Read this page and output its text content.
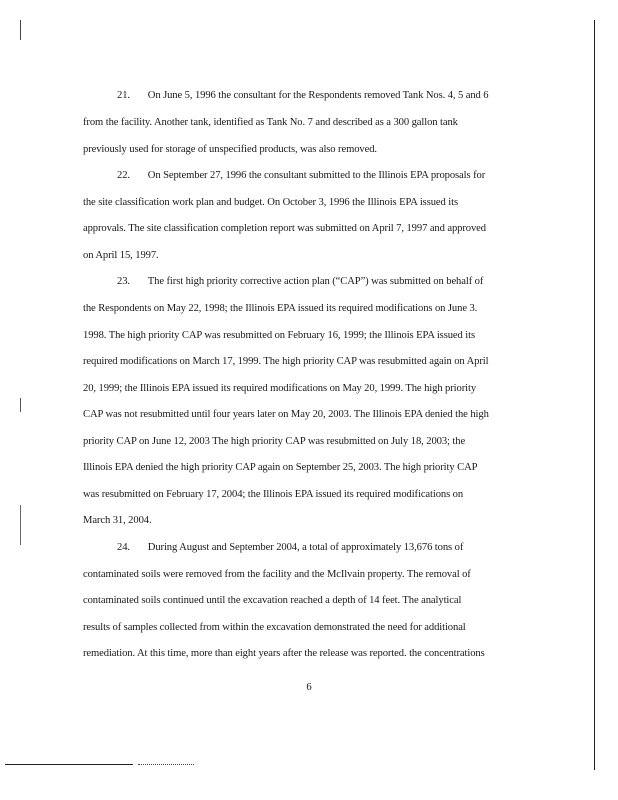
21.       On June 5, 1996 the consultant for the Respondents removed Tank Nos. 4, 5 and 6
from the facility. Another tank, identified as Tank No. 7 and described as a 300 gallon tank
previously used for storage of unspecified products, was also removed.
22.       On September 27, 1996 the consultant submitted to the Illinois EPA proposals for
the site classification work plan and budget. On October 3, 1996 the Illinois EPA issued its
approvals. The site classification completion report was submitted on April 7, 1997 and approved
on April 15, 1997.
23.       The first high priority corrective action plan (“CAP”) was submitted on behalf of
the Respondents on May 22, 1998; the Illinois EPA issued its required modifications on June 3.
1998. The high priority CAP was resubmitted on February 16, 1999; the Illinois EPA issued its
required modifications on March 17, 1999. The high priority CAP was resubmitted again on April
20, 1999; the Illinois EPA issued its required modifications on May 20, 1999. The high priority
CAP was not resubmitted until four years later on May 20, 2003. The Illinois EPA denied the high
priority CAP on June 12, 2003 The high priority CAP was resubmitted on July 18, 2003; the
Illinois EPA denied the high priority CAP again on September 25, 2003. The high priority CAP
was resubmitted on February 17, 2004; the Illinois EPA issued its required modifications on
March 31, 2004.
24.       During August and September 2004, a total of approximately 13,676 tons of
contaminated soils were removed from the facility and the McIlvain property. The removal of
contaminated soils continued until the excavation reached a depth of 14 feet. The analytical
results of samples collected from within the excavation demonstrated the need for additional
remediation. At this time, more than eight years after the release was reported. the concentrations
6
